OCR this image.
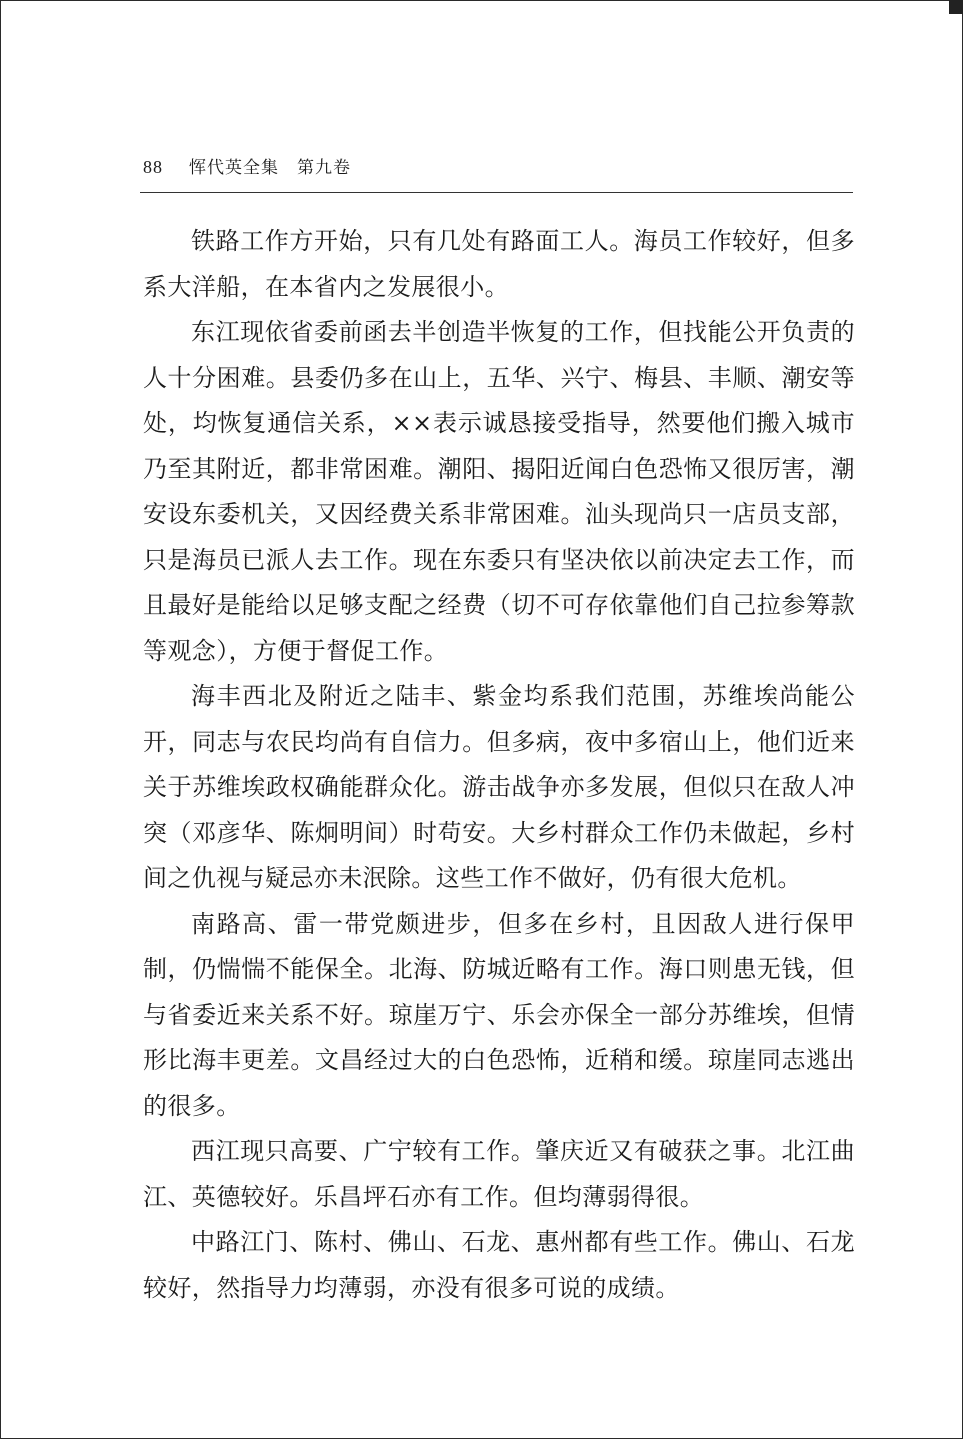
88 恽代英全集 第九卷

铁路工作方开始，只有几处有路面工人。海员工作较好，但多系大洋船，在本省内之发展很小。

东江现依省委前函去半创造半恢复的工作，但找能公开负责的人十分困难。县委仍多在山上，五华、兴宁、梅县、丰顺、潮安等处，均恢复通信关系，××表示诚恳接受指导，然要他们搬入城市乃至其附近，都非常困难。潮阳、揭阳近闻白色恐怖又很厉害，潮安设东委机关，又因经费关系非常困难。汕头现尚只一店员支部，只是海员已派人去工作。现在东委只有坚决依以前决定去工作，而且最好是能给以足够支配之经费（切不可存依靠他们自己拉参筹款等观念），方便于督促工作。

海丰西北及附近之陆丰、紫金均系我们范围，苏维埃尚能公开，同志与农民均尚有自信力。但多病，夜中多宿山上，他们近来关于苏维埃政权确能群众化。游击战争亦多发展，但似只在敌人冲突（邓彦华、陈炯明间）时苟安。大乡村群众工作仍未做起，乡村间之仇视与疑忌亦未泯除。这些工作不做好，仍有很大危机。

南路高、雷一带党颇进步，但多在乡村，且因敌人进行保甲制，仍惴惴不能保全。北海、防城近略有工作。海口则患无钱，但与省委近来关系不好。琼崖万宁、乐会亦保全一部分苏维埃，但情形比海丰更差。文昌经过大的白色恐怖，近稍和缓。琼崖同志逃出的很多。

西江现只高要、广宁较有工作。肇庆近又有破获之事。北江曲江、英德较好。乐昌坪石亦有工作。但均薄弱得很。

中路江门、陈村、佛山、石龙、惠州都有些工作。佛山、石龙较好，然指导力均薄弱，亦没有很多可说的成绩。
